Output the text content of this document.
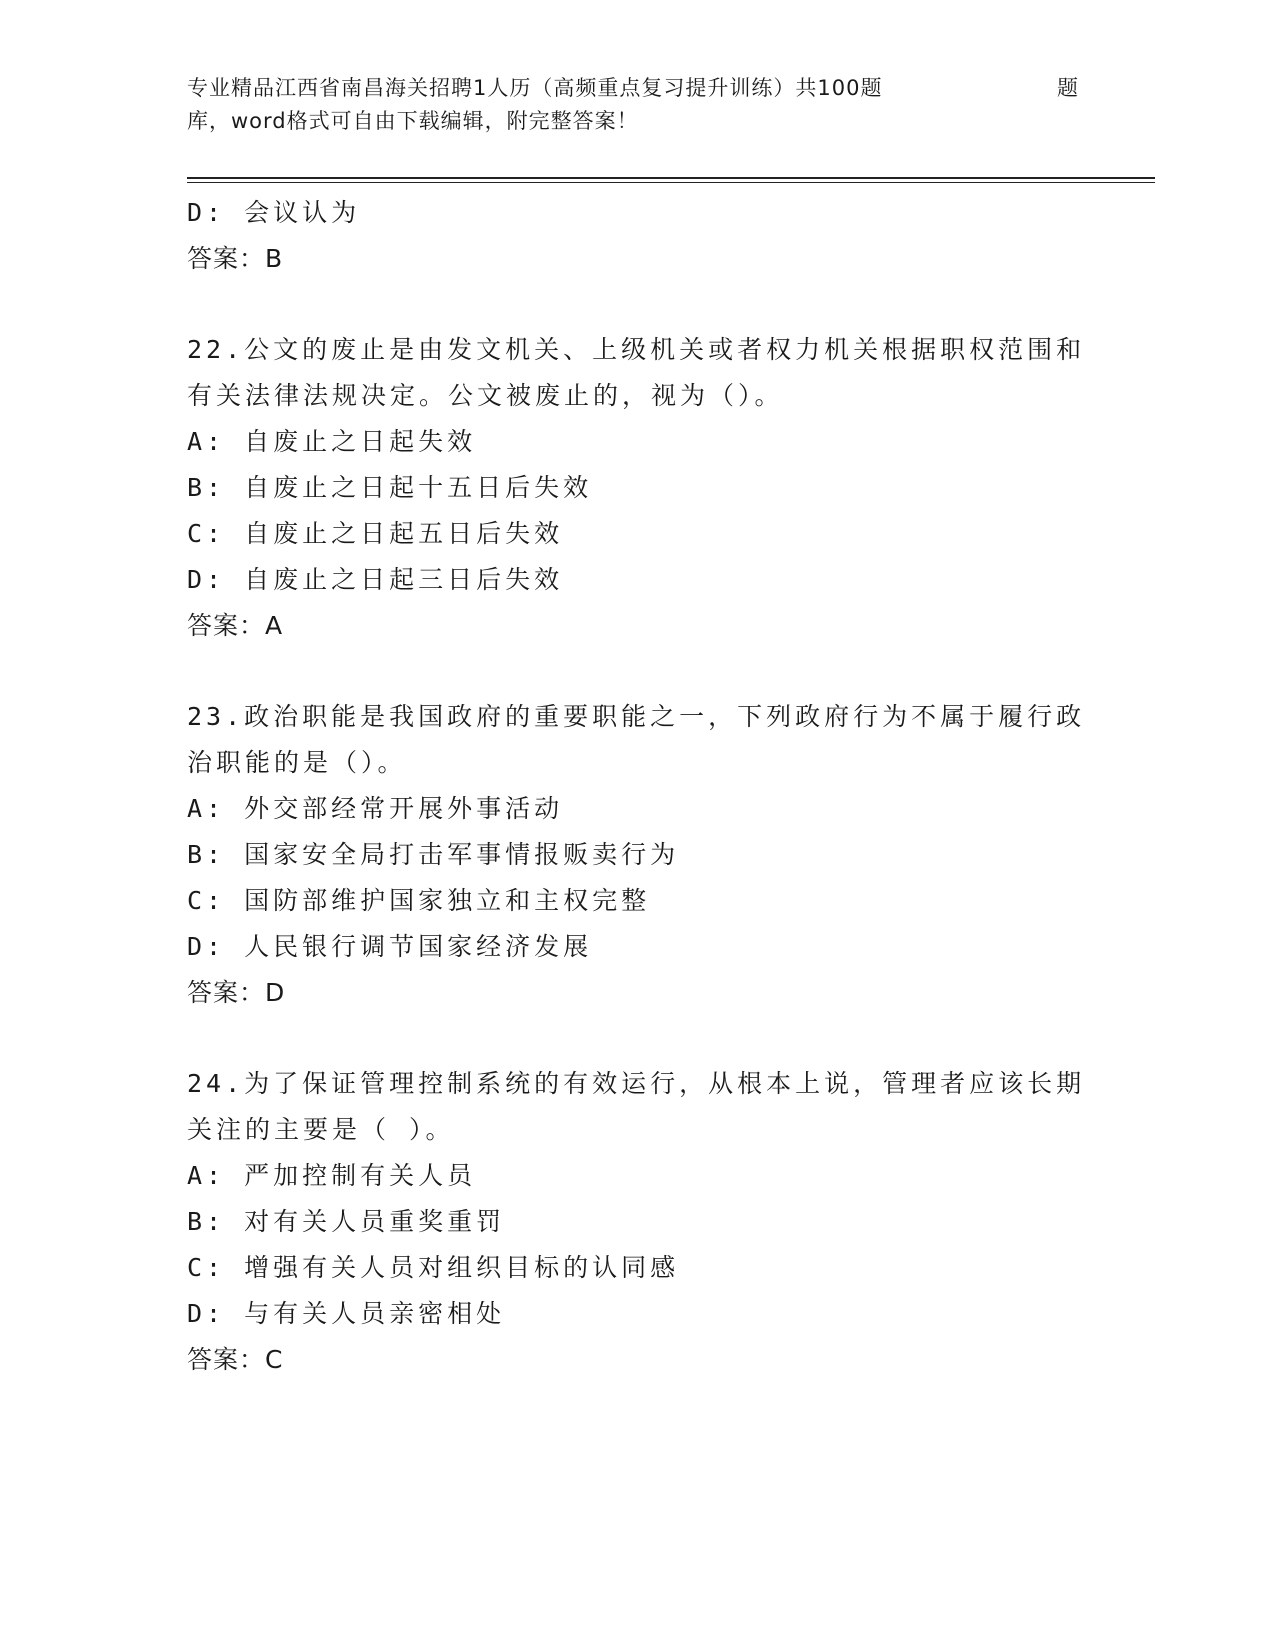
专业精品江西省南昌海关招聘1人历（高频重点复习提升训练）共100题	题
库，word格式可自由下载编辑，附完整答案！
D: 会议认为
答案：B
22.公文的废止是由发文机关、上级机关或者权力机关根据职权范围和
有关法律法规决定。公文被废止的，视为（）。
A: 自废止之日起失效
B: 自废止之日起十五日后失效
C: 自废止之日起五日后失效
D: 自废止之日起三日后失效
答案：A
23.政治职能是我国政府的重要职能之一，下列政府行为不属于履行政
治职能的是（）。
A: 外交部经常开展外事活动
B: 国家安全局打击军事情报贩卖行为
C: 国防部维护国家独立和主权完整
D: 人民银行调节国家经济发展
答案：D
24.为了保证管理控制系统的有效运行，从根本上说，管理者应该长期
关注的主要是（ ）。
A: 严加控制有关人员
B: 对有关人员重奖重罚
C: 增强有关人员对组织目标的认同感
D: 与有关人员亲密相处
答案：C
